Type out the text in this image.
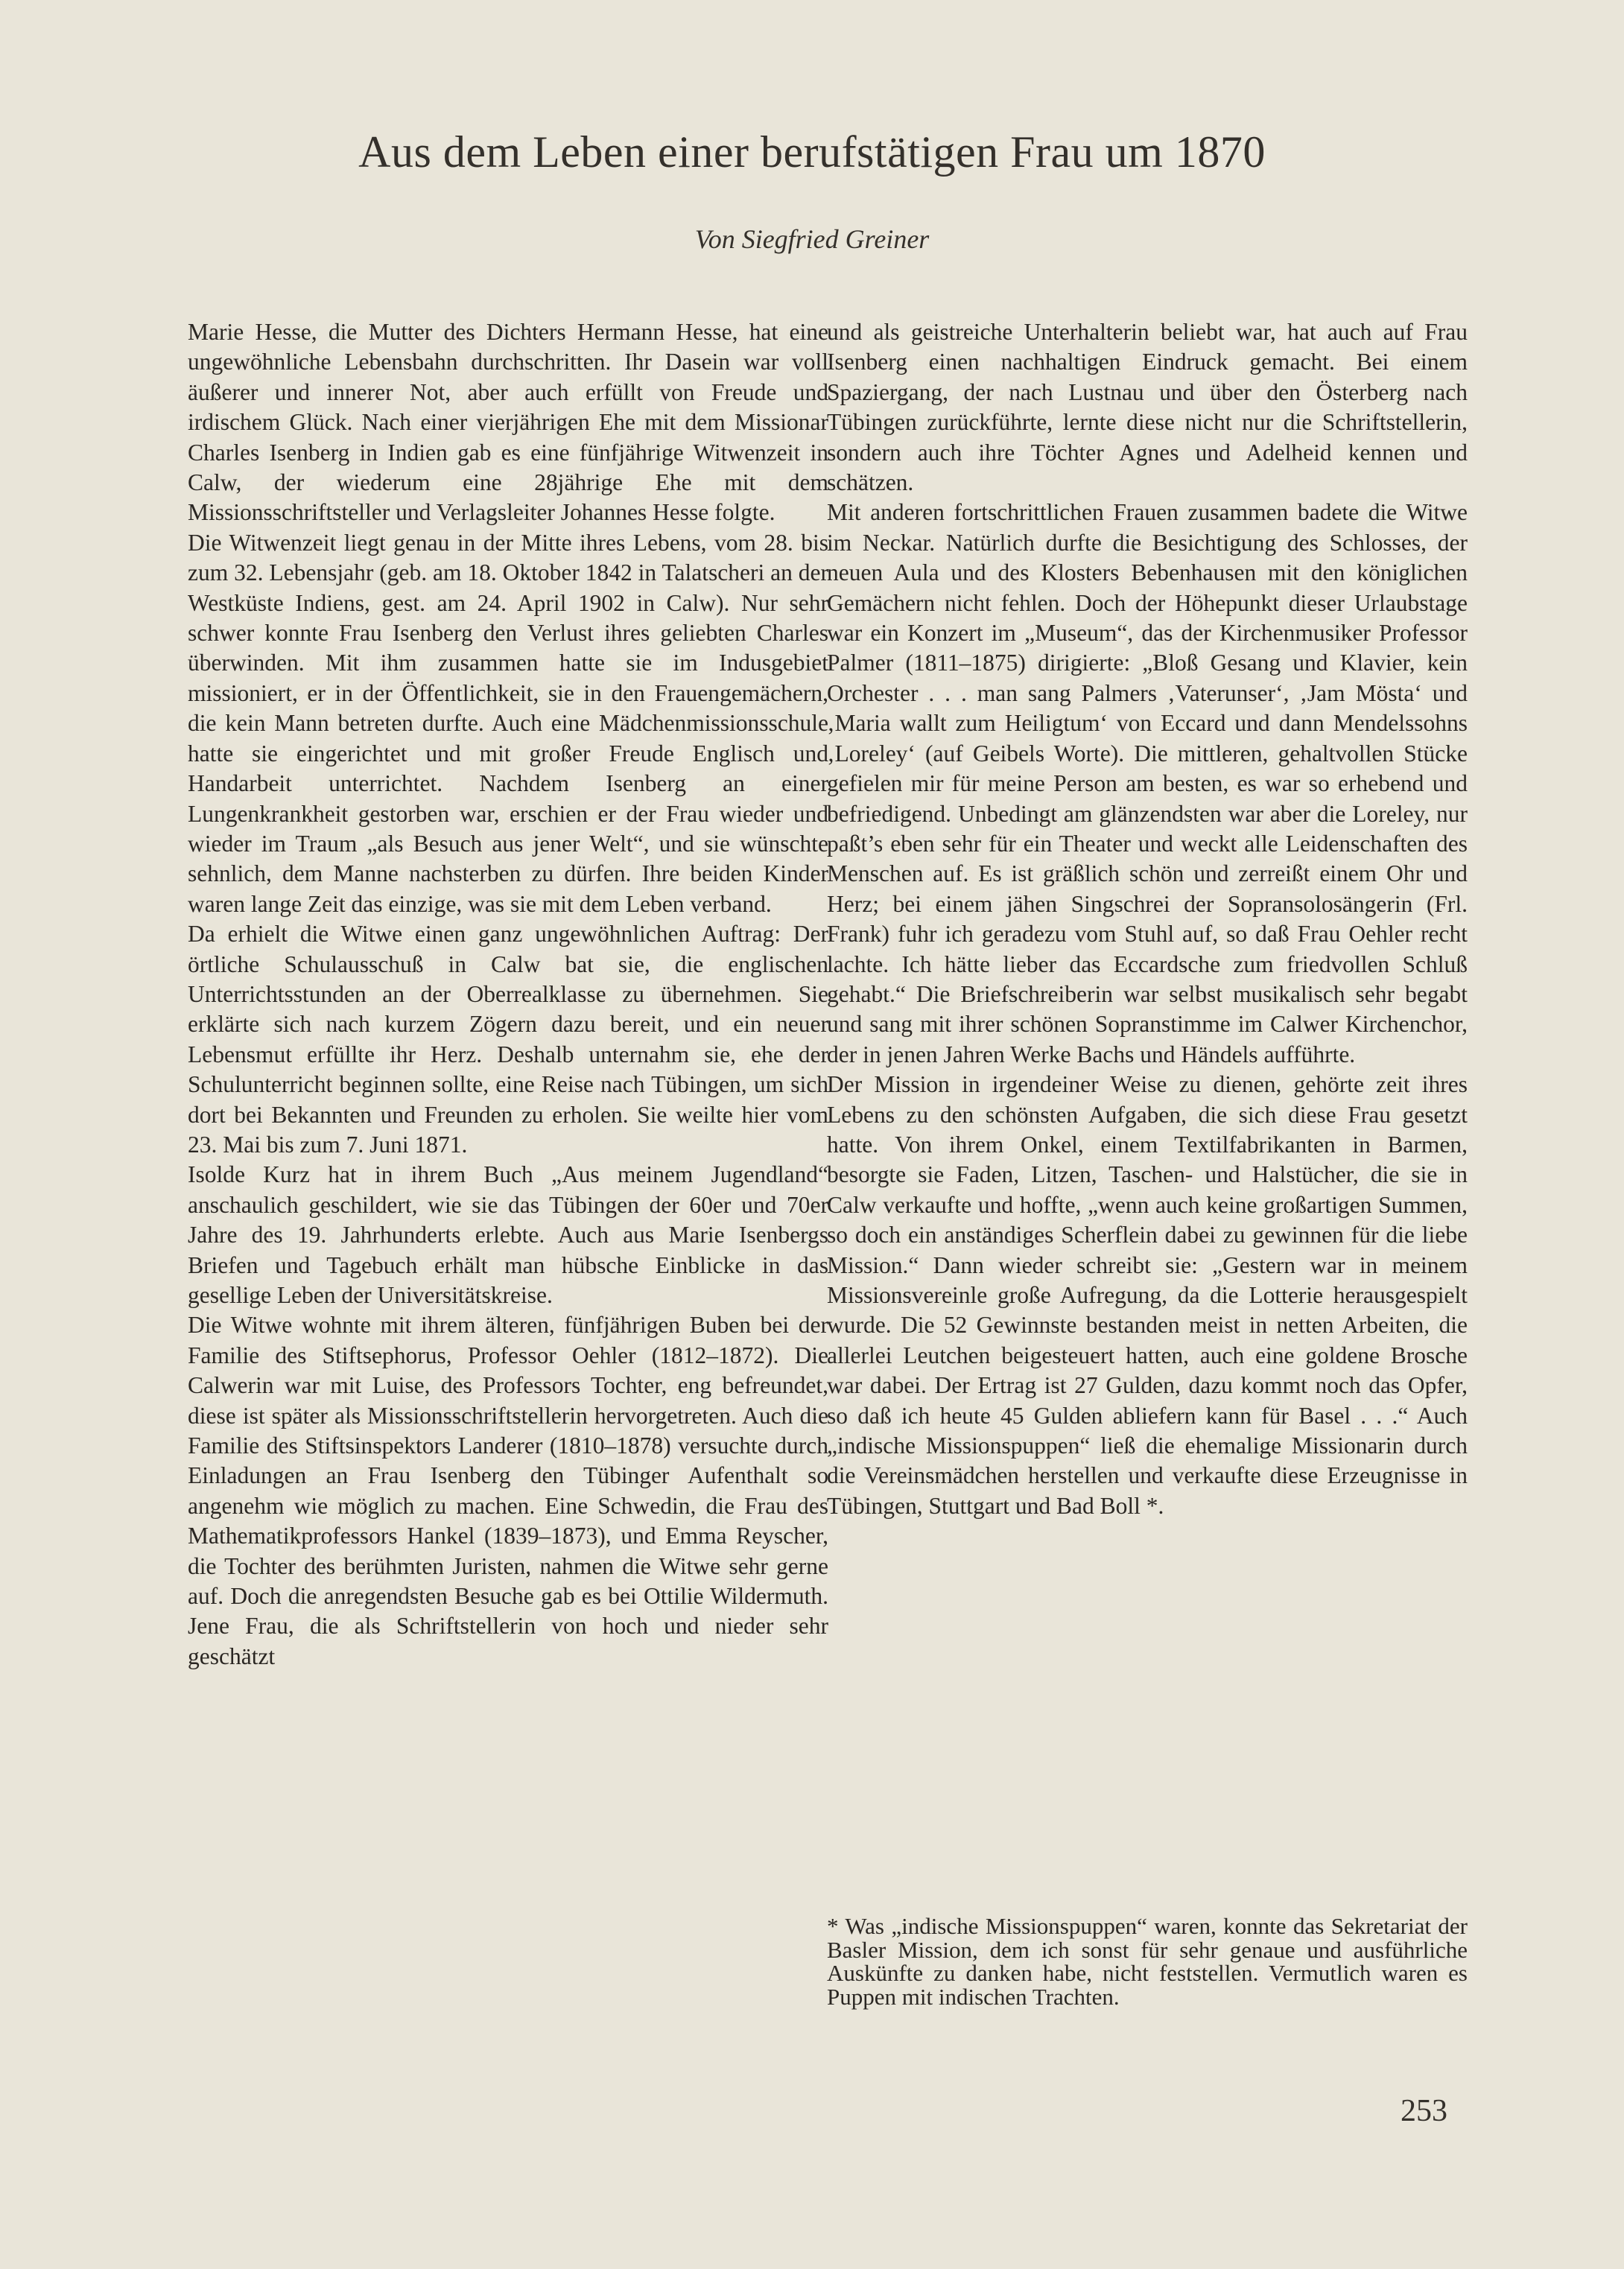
Aus dem Leben einer berufstätigen Frau um 1870
Von Siegfried Greiner

Marie Hesse, die Mutter des Dichters Hermann Hesse, hat eine ungewöhnliche Lebensbahn durchschritten. Ihr Dasein war voll äußerer und innerer Not, aber auch erfüllt von Freude und irdischem Glück. Nach einer vierjährigen Ehe mit dem Missionar Charles Isenberg in Indien gab es eine fünfjährige Witwenzeit in Calw, der wiederum eine 28jährige Ehe mit dem Missionsschriftsteller und Verlagsleiter Johannes Hesse folgte.

Die Witwenzeit liegt genau in der Mitte ihres Lebens, vom 28. bis zum 32. Lebensjahr (geb. am 18. Oktober 1842 in Talatscheri an der Westküste Indiens, gest. am 24. April 1902 in Calw). Nur sehr schwer konnte Frau Isenberg den Verlust ihres geliebten Charles überwinden. Mit ihm zusammen hatte sie im Indusgebiet missioniert, er in der Öffentlichkeit, sie in den Frauengemächern, die kein Mann betreten durfte. Auch eine Mädchenmissionsschule hatte sie eingerichtet und mit großer Freude Englisch und Handarbeit unterrichtet. Nachdem Isenberg an einer Lungenkrankheit gestorben war, erschien er der Frau wieder und wieder im Traum „als Besuch aus jener Welt“, und sie wünschte sehnlich, dem Manne nachsterben zu dürfen. Ihre beiden Kinder waren lange Zeit das einzige, was sie mit dem Leben verband.

Da erhielt die Witwe einen ganz ungewöhnlichen Auftrag: Der örtliche Schulausschuß in Calw bat sie, die englischen Unterrichtsstunden an der Oberrealklasse zu übernehmen. Sie erklärte sich nach kurzem Zögern dazu bereit, und ein neuer Lebensmut erfüllte ihr Herz. Deshalb unternahm sie, ehe der Schulunterricht beginnen sollte, eine Reise nach Tübingen, um sich dort bei Bekannten und Freunden zu erholen. Sie weilte hier vom 23. Mai bis zum 7. Juni 1871.

Isolde Kurz hat in ihrem Buch „Aus meinem Jugendland“ anschaulich geschildert, wie sie das Tübingen der 60er und 70er Jahre des 19. Jahrhunderts erlebte. Auch aus Marie Isenbergs Briefen und Tagebuch erhält man hübsche Einblicke in das gesellige Leben der Universitätskreise.

Die Witwe wohnte mit ihrem älteren, fünfjährigen Buben bei der Familie des Stiftsephorus, Professor Oehler (1812–1872). Die Calwerin war mit Luise, des Professors Tochter, eng befreundet, diese ist später als Missionsschriftstellerin hervorgetreten. Auch die Familie des Stiftsinspektors Landerer (1810–1878) versuchte durch Einladungen an Frau Isenberg den Tübinger Aufenthalt so angenehm wie möglich zu machen. Eine Schwedin, die Frau des Mathematikprofessors Hankel (1839–1873), und Emma Reyscher, die Tochter des berühmten Juristen, nahmen die Witwe sehr gerne auf. Doch die anregendsten Besuche gab es bei Ottilie Wildermuth. Jene Frau, die als Schriftstellerin von hoch und nieder sehr geschätzt

und als geistreiche Unterhalterin beliebt war, hat auch auf Frau Isenberg einen nachhaltigen Eindruck gemacht. Bei einem Spaziergang, der nach Lustnau und über den Österberg nach Tübingen zurückführte, lernte diese nicht nur die Schriftstellerin, sondern auch ihre Töchter Agnes und Adelheid kennen und schätzen.

Mit anderen fortschrittlichen Frauen zusammen badete die Witwe im Neckar. Natürlich durfte die Besichtigung des Schlosses, der neuen Aula und des Klosters Bebenhausen mit den königlichen Gemächern nicht fehlen. Doch der Höhepunkt dieser Urlaubstage war ein Konzert im „Museum“, das der Kirchenmusiker Professor Palmer (1811–1875) dirigierte: „Bloß Gesang und Klavier, kein Orchester . . . man sang Palmers ‚Vaterunser‘, ‚Jam Mösta‘ und ‚Maria wallt zum Heiligtum‘ von Eccard und dann Mendelssohns ‚Loreley‘ (auf Geibels Worte). Die mittleren, gehaltvollen Stücke gefielen mir für meine Person am besten, es war so erhebend und befriedigend. Unbedingt am glänzendsten war aber die Loreley, nur paßt’s eben sehr für ein Theater und weckt alle Leidenschaften des Menschen auf. Es ist gräßlich schön und zerreißt einem Ohr und Herz; bei einem jähen Singschrei der Sopransolosängerin (Frl. Frank) fuhr ich geradezu vom Stuhl auf, so daß Frau Oehler recht lachte. Ich hätte lieber das Eccardsche zum friedvollen Schluß gehabt.“ Die Briefschreiberin war selbst musikalisch sehr begabt und sang mit ihrer schönen Sopranstimme im Calwer Kirchenchor, der in jenen Jahren Werke Bachs und Händels aufführte.

Der Mission in irgendeiner Weise zu dienen, gehörte zeit ihres Lebens zu den schönsten Aufgaben, die sich diese Frau gesetzt hatte. Von ihrem Onkel, einem Textilfabrikanten in Barmen, besorgte sie Faden, Litzen, Taschen- und Halstücher, die sie in Calw verkaufte und hoffte, „wenn auch keine großartigen Summen, so doch ein anständiges Scherflein dabei zu gewinnen für die liebe Mission.“ Dann wieder schreibt sie: „Gestern war in meinem Missionsvereinle große Aufregung, da die Lotterie herausgespielt wurde. Die 52 Gewinnste bestanden meist in netten Arbeiten, die allerlei Leutchen beigesteuert hatten, auch eine goldene Brosche war dabei. Der Ertrag ist 27 Gulden, dazu kommt noch das Opfer, so daß ich heute 45 Gulden abliefern kann für Basel . . .“ Auch „indische Missionspuppen“ ließ die ehemalige Missionarin durch die Vereinsmädchen herstellen und verkaufte diese Erzeugnisse in Tübingen, Stuttgart und Bad Boll *.

* Was „indische Missionspuppen“ waren, konnte das Sekretariat der Basler Mission, dem ich sonst für sehr genaue und ausführliche Auskünfte zu danken habe, nicht feststellen. Vermutlich waren es Puppen mit indischen Trachten.
253
